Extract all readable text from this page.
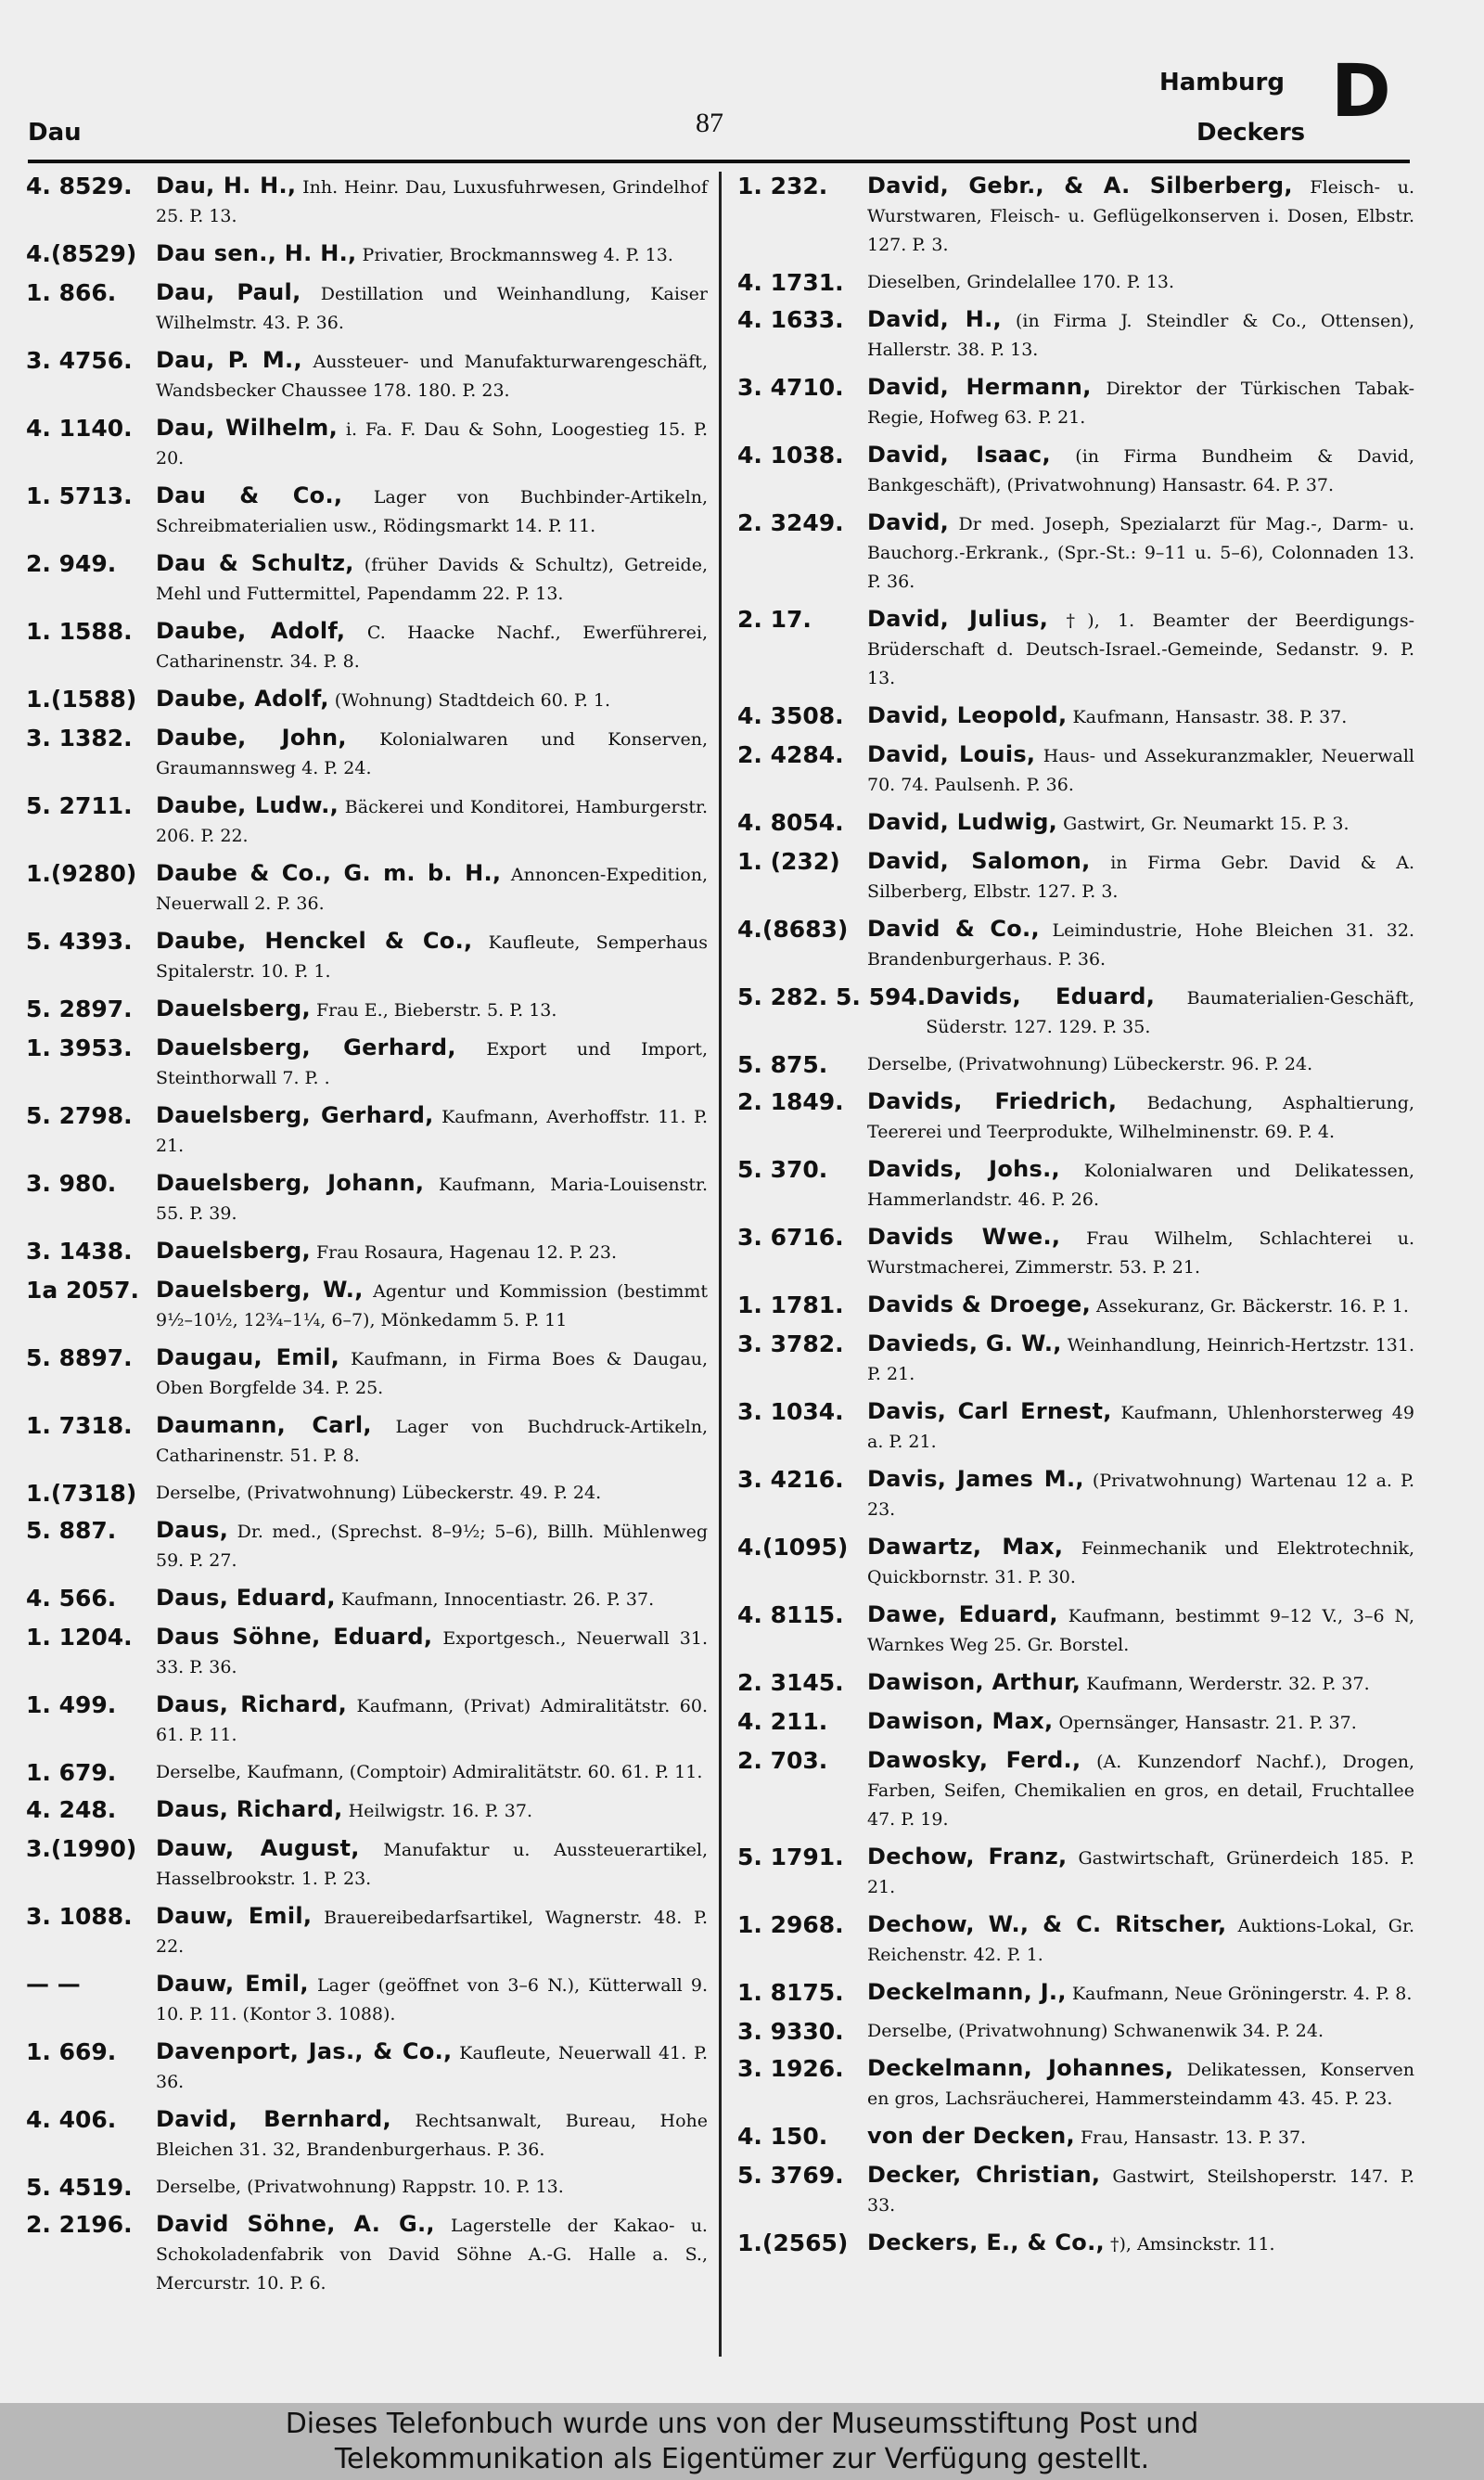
Dau	87
Hamburg
Deckers D
4. 8529.	Dau, H. H., Inh. Heinr. Dau, Luxusfuhrwesen, Grindelhof 25. P. 13.
4.(8529) Dau sen., H. H., Privatier, Brockmannsweg 4. P. 13.
1. 866.	Dau, Paul, Destillation und Weinhandlung, Kaiser Wilhelmstr. 43. P. 36.
3. 4756.	Dau, P. M., Aussteuer- und Manufakturwarengeschäft, Wandsbecker Chaussee 178. 180. P. 23.
4. 1140.	Dau, Wilhelm, i. Fa. F. Dau & Sohn, Loogestieg 15. P. 20.
1. 5713.	Dau & Co., Lager von Buchbinder-Artikeln, Schreibmaterialien usw., Rödingsmarkt 14. P. 11.
2. 949.	Dau & Schultz, (früher Davids & Schultz), Getreide, Mehl und Futtermittel, Papendamm 22. P. 13.
1. 1588.	Daube, Adolf, C. Haacke Nachf., Ewerführerei, Catharinenstr. 34. P. 8.
1.(1588) Daube, Adolf, (Wohnung) Stadtdeich 60. P. 1.
3. 1382.	Daube, John, Kolonialwaren und Konserven, Graumannsweg 4. P. 24.
5. 2711.	Daube, Ludw., Bäckerei und Konditorei, Hamburgerstr. 206. P. 22.
1.(9280) Daube & Co., G. m. b. H., Annoncen-Expedition, Neuerwall 2. P. 36.
5. 4393.	Daube, Henckel & Co., Kaufleute, Semperhaus Spitalerstr. 10. P. 1.
5. 2897.	Dauelsberg, Frau E., Bieberstr. 5. P. 13.
1. 3953.	Dauelsberg, Gerhard, Export und Import, Steinthorwall 7. P. .
5. 2798.	Dauelsberg, Gerhard, Kaufmann, Averhoffstr. 11. P. 21.
3. 980.	Dauelsberg, Johann, Kaufmann, Maria-Louisenstr. 55. P. 39.
3. 1438.	Dauelsberg, Frau Rosaura, Hagenau 12. P. 23.
1a 2057. Dauelsberg, W., Agentur und Kommission (bestimmt 9½–10½, 12¾–1¼, 6–7), Mönkedamm 5. P. 11
5. 8897.	Daugau, Emil, Kaufmann, in Firma Boes & Daugau, Oben Borgfelde 34. P. 25.
1. 7318.	Daumann, Carl, Lager von Buchdruck-Artikeln, Catharinenstr. 51. P. 8.
1.(7318)	Derselbe, (Privatwohnung) Lübeckerstr. 49. P. 24.
5. 887.	Daus, Dr. med., (Sprechst. 8–9½; 5–6), Billh. Mühlenweg 59. P. 27.
4. 566.	Daus, Eduard, Kaufmann, Innocentiastr. 26. P. 37.
1. 1204.	Daus Söhne, Eduard, Exportgesch., Neuerwall 31. 33. P. 36.
1. 499.	Daus, Richard, Kaufmann, (Privat) Admiralitätstr. 60. 61. P. 11.
1. 679.	Derselbe, Kaufmann, (Comptoir) Admiralitätstr. 60. 61. P. 11.
4. 248.	Daus, Richard, Heilwigstr. 16. P. 37.
3.(1990) Dauw, August, Manufaktur u. Aussteuerartikel, Hasselbrookstr. 1. P. 23.
3. 1088.	Dauw, Emil, Brauereibedarfsartikel, Wagnerstr. 48. P. 22.
— —	Dauw, Emil, Lager (geöffnet von 3–6 N.), Kütterwall 9. 10. P. 11. (Kontor 3. 1088).
1. 669.	Davenport, Jas., & Co., Kaufleute, Neuerwall 41. P. 36.
4. 406.	David, Bernhard, Rechtsanwalt, Bureau, Hohe Bleichen 31. 32, Brandenburgerhaus. P. 36.
5. 4519.	Derselbe, (Privatwohnung) Rappstr. 10. P. 13.
2. 2196.	David Söhne, A. G., Lagerstelle der Kakao- u. Schokoladenfabrik von David Söhne A.-G. Halle a. S., Mercurstr. 10. P. 6.
1. 232.	David, Gebr., & A. Silberberg, Fleisch- u. Wurstwaren, Fleisch- u. Geflügelkonserven i. Dosen, Elbstr. 127. P. 3.
4. 1731.	Dieselben, Grindelallee 170. P. 13.
4. 1633.	David, H., (in Firma J. Steindler & Co., Ottensen), Hallerstr. 38. P. 13.
3. 4710.	David, Hermann, Direktor der Türkischen Tabak-Regie, Hofweg 63. P. 21.
4. 1038.	David, Isaac, (in Firma Bundheim & David, Bankgeschäft), (Privatwohnung) Hansastr. 64. P. 37.
2. 3249.	David, Dr med. Joseph, Spezialarzt für Mag.-, Darm- u. Bauchorg.-Erkrank., (Spr.-St.: 9–11 u. 5–6), Colonnaden 13. P. 36.
2. 17.	David, Julius, †), 1. Beamter der Beerdigungs-Brüderschaft d. Deutsch-Israel.-Gemeinde, Sedanstr. 9. P. 13.
4. 3508.	David, Leopold, Kaufmann, Hansastr. 38. P. 37.
2. 4284.	David, Louis, Haus- und Assekuranzmakler, Neuerwall 70. 74. Paulsenh. P. 36.
4. 8054.	David, Ludwig, Gastwirt, Gr. Neumarkt 15. P. 3.
1. (232)	David, Salomon, in Firma Gebr. David & A. Silberberg, Elbstr. 127. P. 3.
4.(8683) David & Co., Leimindustrie, Hohe Bleichen 31. 32. Brandenburgerhaus. P. 36.
5. 282. 5. 594. Davids, Eduard, Baumaterialien-Geschäft, Süderstr. 127. 129. P. 35.
5. 875.	Derselbe, (Privatwohnung) Lübeckerstr. 96. P. 24.
2. 1849.	Davids, Friedrich, Bedachung, Asphaltierung, Teererei und Teerprodukte, Wilhelminenstr. 69. P. 4.
5. 370.	Davids, Johs., Kolonialwaren und Delikatessen, Hammerlandstr. 46. P. 26.
3. 6716.	Davids Wwe., Frau Wilhelm, Schlachterei u. Wurstmacherei, Zimmerstr. 53. P. 21.
1. 1781.	Davids & Droege, Assekuranz, Gr. Bäckerstr. 16. P. 1.
3. 3782.	Davieds, G. W., Weinhandlung, Heinrich-Hertzstr. 131. P. 21.
3. 1034.	Davis, Carl Ernest, Kaufmann, Uhlenhorsterweg 49 a. P. 21.
3. 4216.	Davis, James M., (Privatwohnung) Wartenau 12 a. P. 23.
4.(1095) Dawartz, Max, Feinmechanik und Elektrotechnik, Quickbornstr. 31. P. 30.
4. 8115.	Dawe, Eduard, Kaufmann, bestimmt 9–12 V., 3–6 N, Warnkes Weg 25. Gr. Borstel.
2. 3145.	Dawison, Arthur, Kaufmann, Werderstr. 32. P. 37.
4. 211.	Dawison, Max, Opernsänger, Hansastr. 21. P. 37.
2. 703.	Dawosky, Ferd., (A. Kunzendorf Nachf.), Drogen, Farben, Seifen, Chemikalien en gros, en detail, Fruchtallee 47. P. 19.
5. 1791.	Dechow, Franz, Gastwirtschaft, Grünerdeich 185. P. 21.
1. 2968.	Dechow, W., & C. Ritscher, Auktions-Lokal, Gr. Reichenstr. 42. P. 1.
1. 8175.	Deckelmann, J., Kaufmann, Neue Gröningerstr. 4. P. 8.
3. 9330.	Derselbe, (Privatwohnung) Schwanenwik 34. P. 24.
3. 1926.	Deckelmann, Johannes, Delikatessen, Konserven en gros, Lachsräucherei, Hammersteindamm 43. 45. P. 23.
4. 150.	von der Decken, Frau, Hansastr. 13. P. 37.
5. 3769.	Decker, Christian, Gastwirt, Steilshoperstr. 147. P. 33.
1.(2565) Deckers, E., & Co., †), Amsinckstr. 11.
Dieses Telefonbuch wurde uns von der Museumsstiftung Post und
Telekommunikation als Eigentümer zur Verfügung gestellt.
